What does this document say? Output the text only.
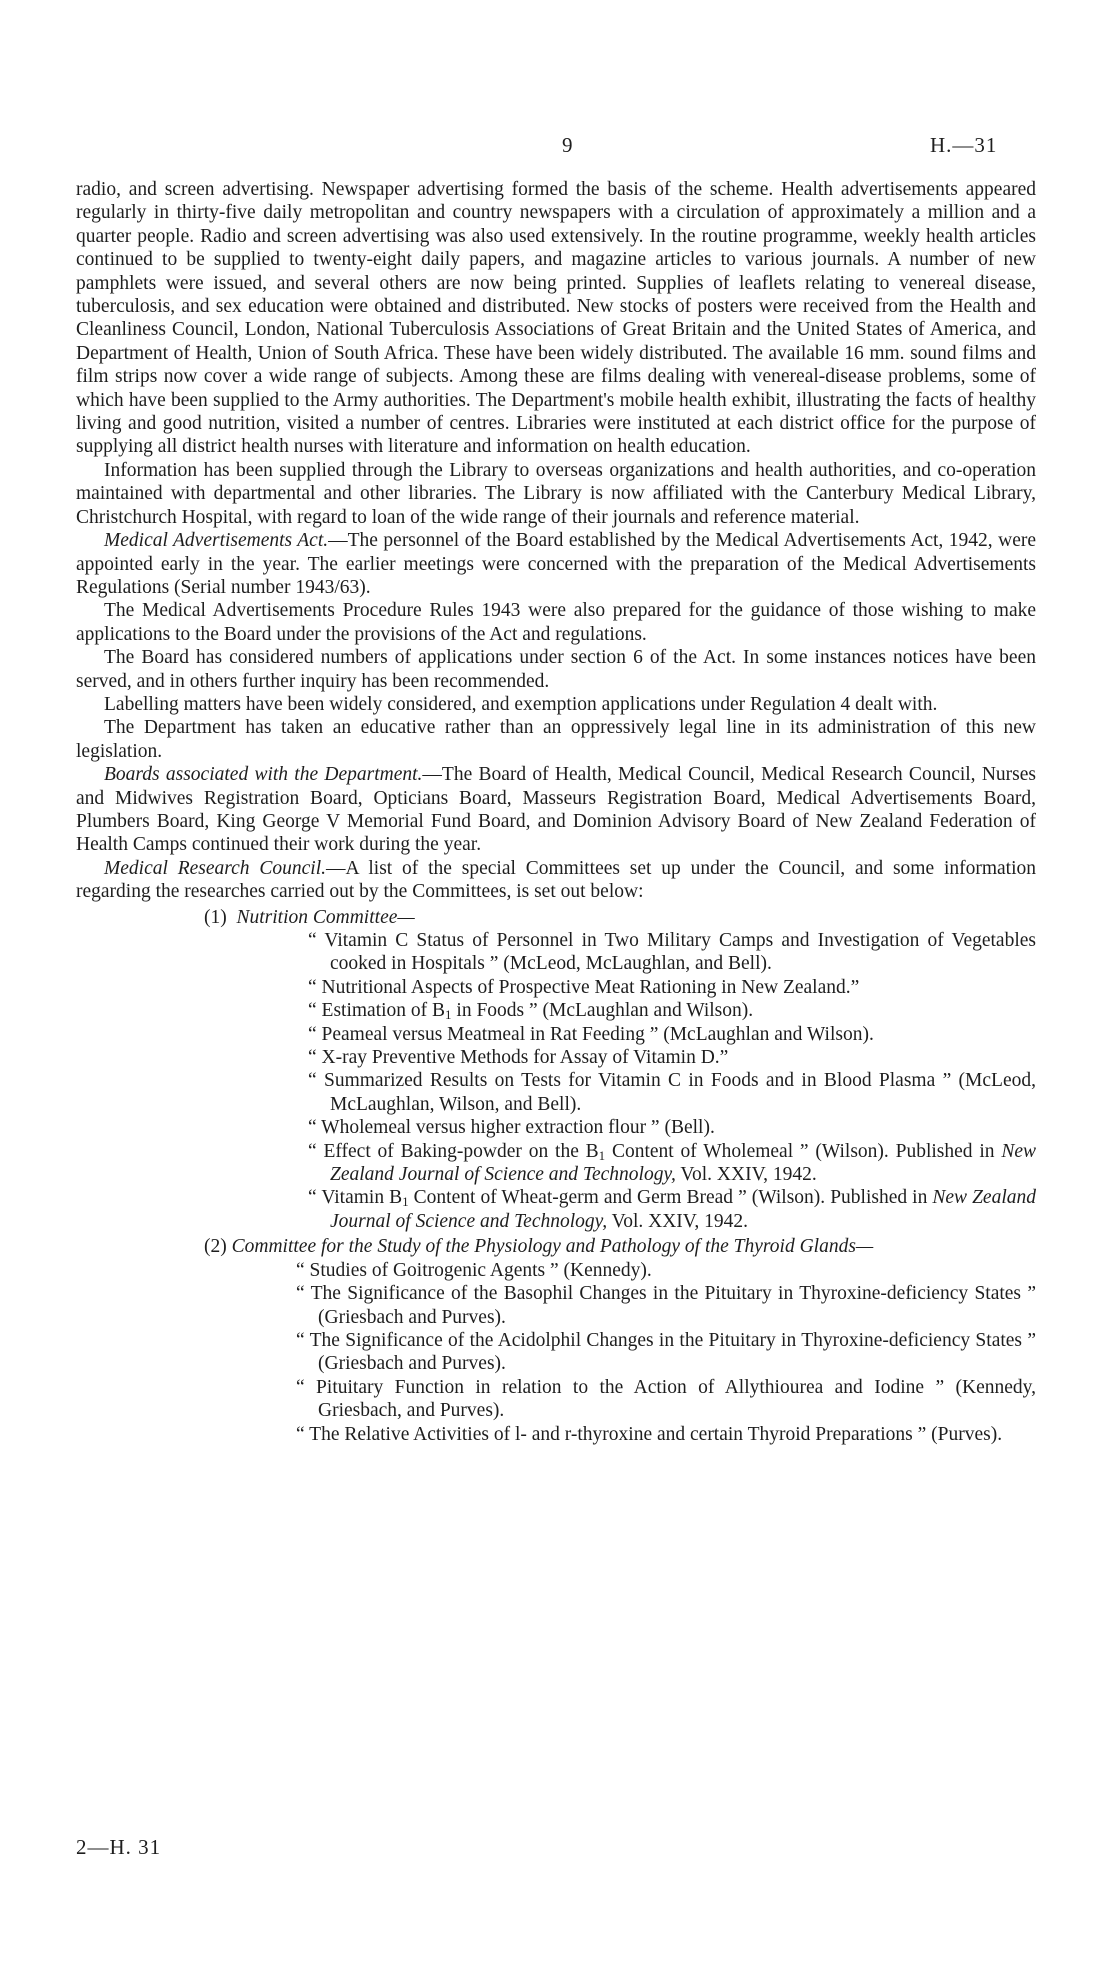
9	H.—31

radio, and screen advertising. Newspaper advertising formed the basis of the scheme. Health advertisements appeared regularly in thirty-five daily metropolitan and country newspapers with a circulation of approximately a million and a quarter people. Radio and screen advertising was also used extensively. In the routine programme, weekly health articles continued to be supplied to twenty-eight daily papers, and magazine articles to various journals. A number of new pamphlets were issued, and several others are now being printed. Supplies of leaflets relating to venereal disease, tuberculosis, and sex education were obtained and distributed. New stocks of posters were received from the Health and Cleanliness Council, London, National Tuberculosis Associations of Great Britain and the United States of America, and Department of Health, Union of South Africa. These have been widely distributed. The available 16 mm. sound films and film strips now cover a wide range of subjects. Among these are films dealing with venereal-disease problems, some of which have been supplied to the Army authorities. The Department's mobile health exhibit, illustrating the facts of healthy living and good nutrition, visited a number of centres. Libraries were instituted at each district office for the purpose of supplying all district health nurses with literature and information on health education.

Information has been supplied through the Library to overseas organizations and health authorities, and co-operation maintained with departmental and other libraries. The Library is now affiliated with the Canterbury Medical Library, Christchurch Hospital, with regard to loan of the wide range of their journals and reference material.

Medical Advertisements Act.—The personnel of the Board established by the Medical Advertisements Act, 1942, were appointed early in the year. The earlier meetings were concerned with the preparation of the Medical Advertisements Regulations (Serial number 1943/63).

The Medical Advertisements Procedure Rules 1943 were also prepared for the guidance of those wishing to make applications to the Board under the provisions of the Act and regulations.

The Board has considered numbers of applications under section 6 of the Act. In some instances notices have been served, and in others further inquiry has been recommended.

Labelling matters have been widely considered, and exemption applications under Regulation 4 dealt with.

The Department has taken an educative rather than an oppressively legal line in its administration of this new legislation.

Boards associated with the Department.—The Board of Health, Medical Council, Medical Research Council, Nurses and Midwives Registration Board, Opticians Board, Masseurs Registration Board, Medical Advertisements Board, Plumbers Board, King George V Memorial Fund Board, and Dominion Advisory Board of New Zealand Federation of Health Camps continued their work during the year.

Medical Research Council.—A list of the special Committees set up under the Council, and some information regarding the researches carried out by the Committees, is set out below:

(1) Nutrition Committee—

“ Vitamin C Status of Personnel in Two Military Camps and Investigation of Vegetables cooked in Hospitals ” (McLeod, McLaughlan, and Bell).
“ Nutritional Aspects of Prospective Meat Rationing in New Zealand.”
“ Estimation of $B_1$ in Foods ” (McLaughlan and Wilson).
“ Peameal versus Meatmeal in Rat Feeding ” (McLaughlan and Wilson).
“ X-ray Preventive Methods for Assay of Vitamin D.”
“ Summarized Results on Tests for Vitamin C in Foods and in Blood Plasma ” (McLeod, McLaughlan, Wilson, and Bell).
“ Wholemeal versus higher extraction flour ” (Bell).
“ Effect of Baking-powder on the $B_1$ Content of Wholemeal ” (Wilson). Published in New Zealand Journal of Science and Technology, Vol. XXIV, 1942.
“ Vitamin $B_1$ Content of Wheat-germ and Germ Bread ” (Wilson). Published in New Zealand Journal of Science and Technology, Vol. XXIV, 1942.

(2) Committee for the Study of the Physiology and Pathology of the Thyroid Glands—

“ Studies of Goitrogenic Agents ” (Kennedy).
“ The Significance of the Basophil Changes in the Pituitary in Thyroxine-deficiency States ” (Griesbach and Purves).
“ The Significance of the Acidolphil Changes in the Pituitary in Thyroxine-deficiency States ” (Griesbach and Purves).
“ Pituitary Function in relation to the Action of Allythiourea and Iodine ” (Kennedy, Griesbach, and Purves).
“ The Relative Activities of l- and r-thyroxine and certain Thyroid Preparations ” (Purves).
2—H. 31
